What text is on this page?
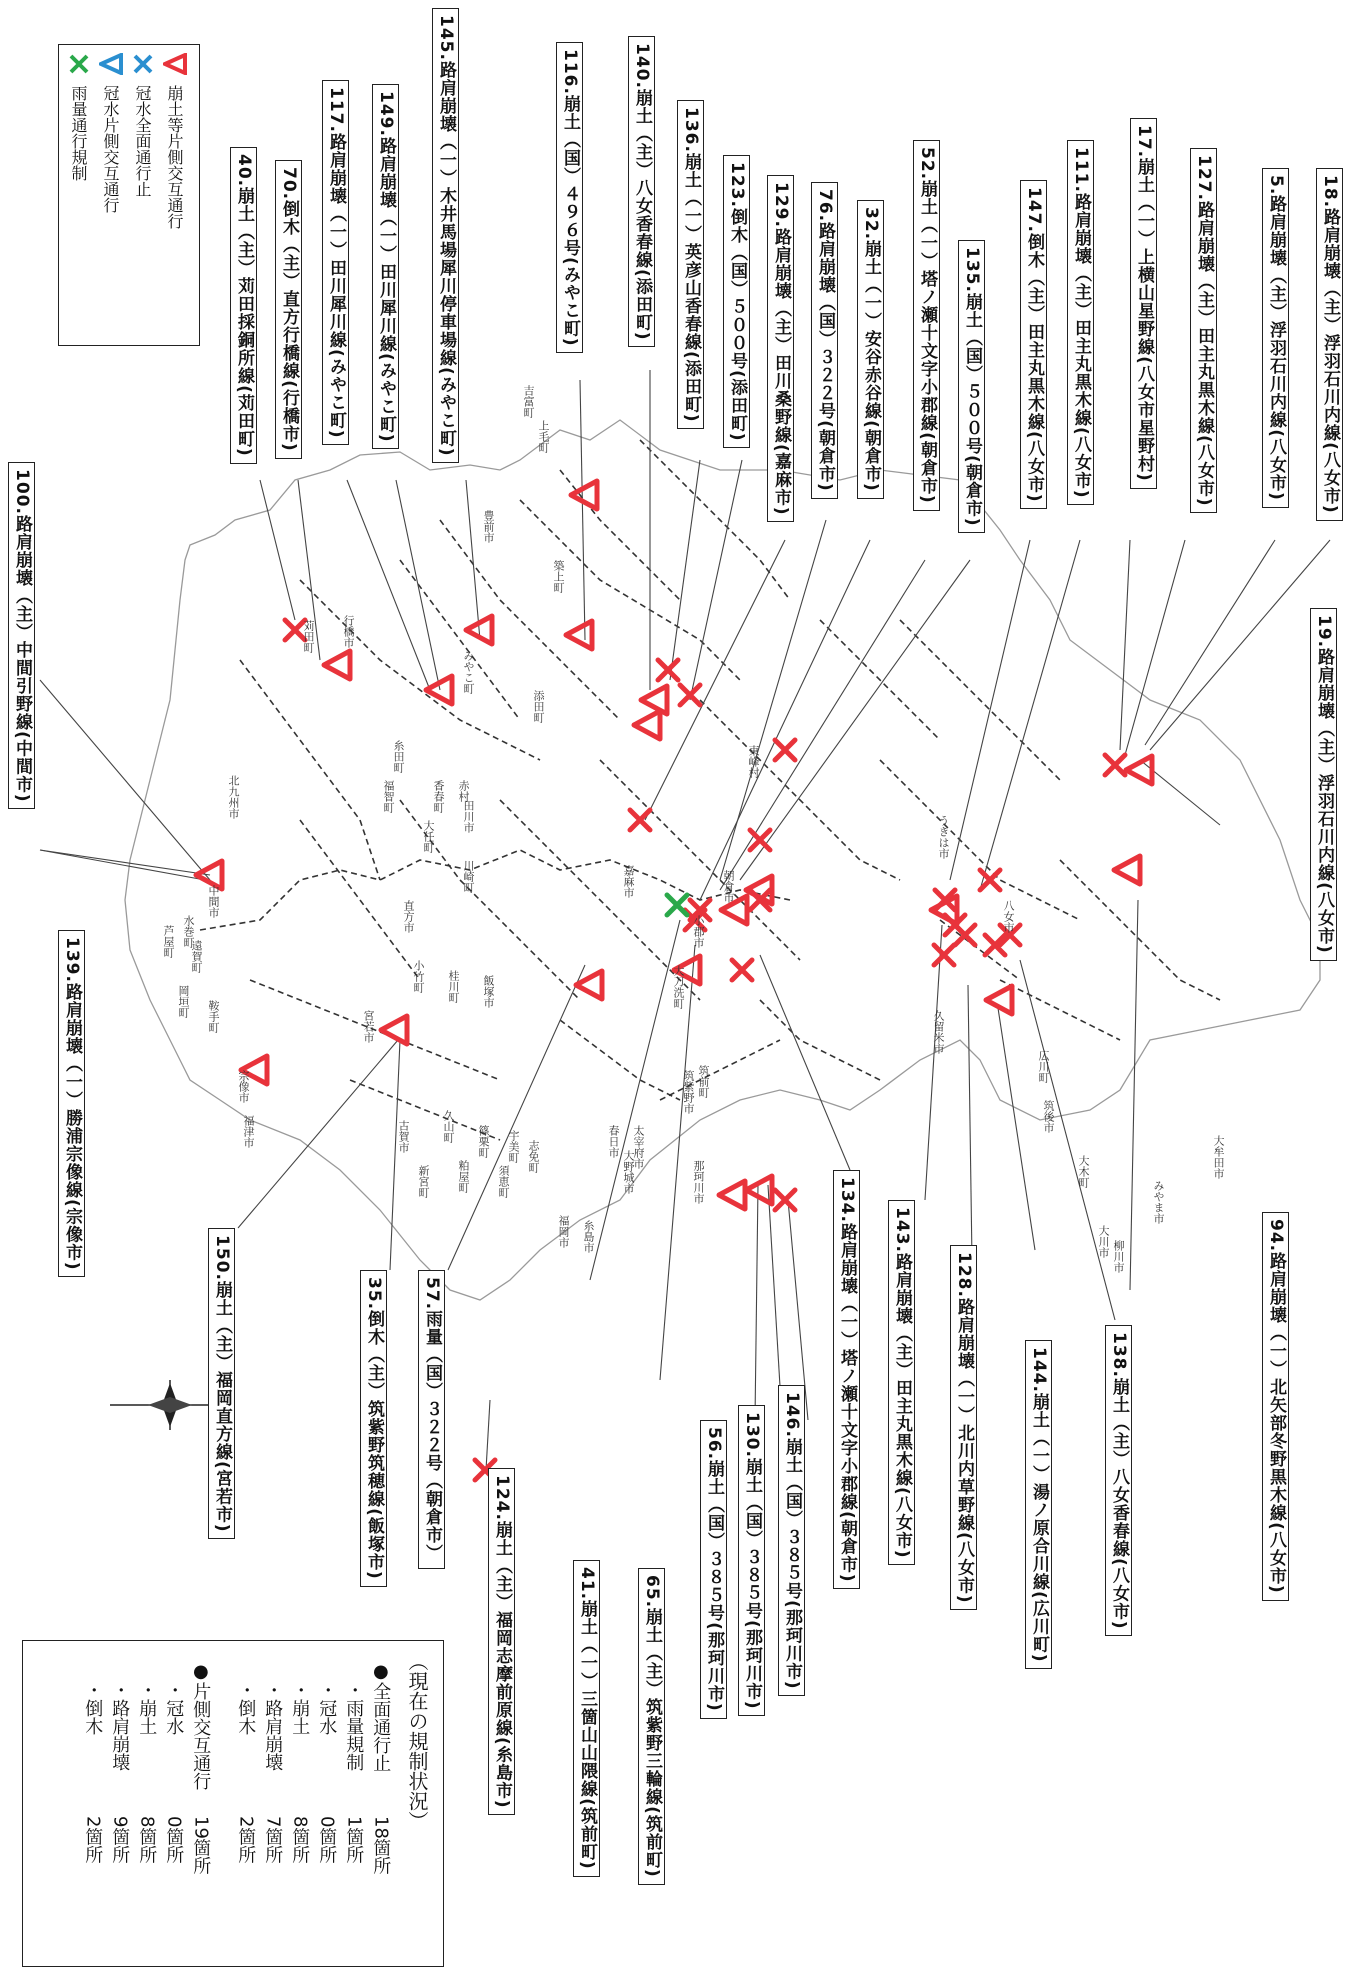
（現在の規制状況）
●全面通行止
18箇所
・雨量規制
1箇所
・冠水
0箇所
・崩土
8箇所
・路肩崩壊
7箇所
・倒木
2箇所
●片側交互通行
19箇所
・冠水
0箇所
・崩土
8箇所
・路肩崩壊
9箇所
・倒木
2箇所
崩土等片側交互通行
冠水全面通行止
冠水片側交互通行
雨量通行規制
100.路肩崩壊（主）中間引野線(中間市)
139.路肩崩壊（一）勝浦宗像線(宗像市)
150.崩土（主）福岡直方線(宮若市)	35.倒木（主）筑紫野筑穂線(飯塚市) 57.雨量（国）３２２号（朝倉市）
124.崩土（主）福岡志摩前原線(糸島市)	41.崩土（一）三箇山山隈線(筑前町)	65.崩土（主）筑紫野三輪線(筑前町)
56.崩土（国）３８５号(那珂川市) 130.崩土（国）３８５号(那珂川市) 146.崩土（国）３８５号(那珂川市) 134.路肩崩壊（一）塔ノ瀬十文字小郡線(朝倉市) 143.路肩崩壊（主）田主丸黒木線(八女市) 128.路肩崩壊（一）北川内草野線(八女市)	144.崩土（一）湯ノ原合川線(広川町)	138.崩土（主）八女香春線(八女市)	94.路肩崩壊（一）北矢部冬野黒木線(八女市)
19.路肩崩壊（主）浮羽石川内線(八女市)
40.崩土（主）苅田採銅所線(苅田町) 70.倒木（主）直方行橋線(行橋市) 117.路肩崩壊（一）田川犀川線(みやこ町) 149.路肩崩壊（一）田川犀川線(みやこ町) 145.路肩崩壊（一）木井馬場犀川停車場線(みやこ町)	116.崩土（国）４９６号(みやこ町)	140.崩土（主）八女香春線(添田町) 136.崩土（一）英彦山香春線(添田町) 123.倒木（国）５００号(添田町) 129.路肩崩壊（主）田川桑野線(嘉麻市) 76.路肩崩壊（国）３２２号(朝倉市) 32.崩土（一）安谷赤谷線(朝倉市) 52.崩土（一）塔ノ瀬十文字小郡線(朝倉市) 135.崩土（国）５００号(朝倉市) 147.倒木（主）田主丸黒木線(八女市) 111.路肩崩壊（主）田主丸黒木線(八女市)	17.崩土（一）上横山星野線(八女市星野村) 127.路肩崩壊（主）田主丸黒木線(八女市)	5.路肩崩壊（主）浮羽石川内線(八女市) 18.路肩崩壊（主）浮羽石川内線(八女市)
北九州市
中間市
水巻町
遠賀町
芦屋町
岡垣町 鞍手町
宗像市
福津市
宮若市
古賀市
新宮町
久山町
粕屋町
篠栗町
須恵町
宇美町 志免町
福岡市 糸島市
春日市
大野城市	那珂川市
太宰府市
筑紫野市 筑前町
飯塚市
直方市
小竹町 桂川町
嘉麻市
田川市
福智町	香春町
糸田町
大任町
赤村
添田町
川崎町
行橋市
苅田町
みやこ町
築上町
豊前市
上毛町
吉富町
東峰村
朝倉市
小郡市
大刀洗町
うきは市
久留米市
八女市
広川町
筑後市
大木町
大川市 柳川市
みやま市
大牟田市
